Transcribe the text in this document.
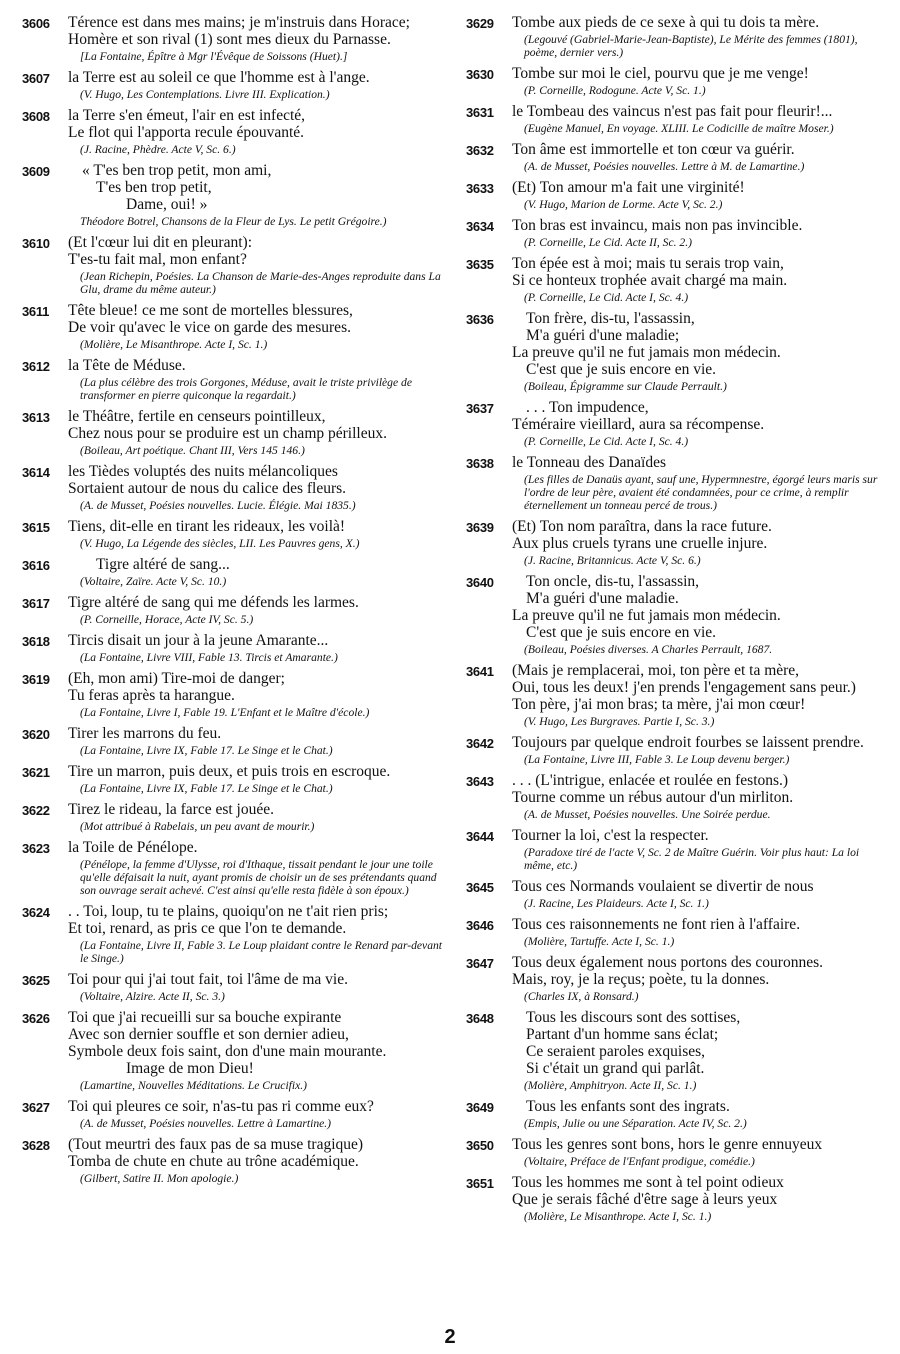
3606 Térence est dans mes mains; je m'instruis dans Horace;
Homère et son rival (1) sont mes dieux du Parnasse.
[La Fontaine, Épître à Mgr l'Évêque de Soissons (Huet).]
3607 la Terre est au soleil ce que l'homme est à l'ange.
(V. Hugo, Les Contemplations. Livre III. Explication.)
3608 la Terre s'en émeut, l'air en est infecté,
Le flot qui l'apporta recule épouvanté.
(J. Racine, Phèdre. Acte V, Sc. 6.)
3609	« T'es ben trop petit, mon ami,
T'es ben trop petit,
Dame, oui! »
Théodore Botrel, Chansons de la Fleur de Lys. Le petit Grégoire.)
3610 (Et l'cœur lui dit en pleurant):
T'es-tu fait mal, mon enfant?
(Jean Richepin, Poésies. La Chanson de Marie-des-Anges reproduite dans La Glu, drame du même auteur.)
3611 Tête bleue! ce me sont de mortelles blessures,
De voir qu'avec le vice on garde des mesures.
(Molière, Le Misanthrope. Acte I, Sc. 1.)
3612 la Tête de Méduse.
(La plus célèbre des trois Gorgones, Méduse, avait le triste privilège de transformer en pierre quiconque la regardait.)
3613 le Théâtre, fertile en censeurs pointilleux,
Chez nous pour se produire est un champ périlleux.
(Boileau, Art poétique. Chant III, Vers 145 146.)
3614 les Tièdes voluptés des nuits mélancoliques
Sortaient autour de nous du calice des fleurs.
(A. de Musset, Poésies nouvelles. Lucie. Élégie. Mai 1835.)
3615 Tiens, dit-elle en tirant les rideaux, les voilà!
(V. Hugo, La Légende des siècles, LII. Les Pauvres gens, X.)
3616	Tigre altéré de sang...
(Voltaire, Zaïre. Acte V, Sc. 10.)
3617 Tigre altéré de sang qui me défends les larmes.
(P. Corneille, Horace, Acte IV, Sc. 5.)
3618 Tircis disait un jour à la jeune Amarante...
(La Fontaine, Livre VIII, Fable 13. Tircis et Amarante.)
3619 (Eh, mon ami) Tire-moi de danger;
Tu feras après ta harangue.
(La Fontaine, Livre I, Fable 19. L'Enfant et le Maître d'école.)
3620 Tirer les marrons du feu.
(La Fontaine, Livre IX, Fable 17. Le Singe et le Chat.)
3621 Tire un marron, puis deux, et puis trois en escroque.
(La Fontaine, Livre IX, Fable 17. Le Singe et le Chat.)
3622 Tirez le rideau, la farce est jouée.
(Mot attribué à Rabelais, un peu avant de mourir.)
3623 la Toile de Pénélope.
(Pénélope, la femme d'Ulysse, roi d'Ithaque, tissait pendant le jour une toile qu'elle défaisait la nuit, ayant promis de choisir un de ses prétendants quand son ouvrage serait achevé. C'est ainsi qu'elle resta fidèle à son époux.)
3624 . . Toi, loup, tu te plains, quoiqu'on ne t'ait rien pris;
Et toi, renard, as pris ce que l'on te demande.
(La Fontaine, Livre II, Fable 3. Le Loup plaidant contre le Renard par-devant le Singe.)
3625 Toi pour qui j'ai tout fait, toi l'âme de ma vie.
(Voltaire, Alzire. Acte II, Sc. 3.)
3626 Toi que j'ai recueilli sur sa bouche expirante
Avec son dernier souffle et son dernier adieu,
Symbole deux fois saint, don d'une main mourante.
Image de mon Dieu!
(Lamartine, Nouvelles Méditations. Le Crucifix.)
3627 Toi qui pleures ce soir, n'as-tu pas ri comme eux?
(A. de Musset, Poésies nouvelles. Lettre à Lamartine.)
3628 (Tout meurtri des faux pas de sa muse tragique)
Tomba de chute en chute au trône académique.
(Gilbert, Satire II. Mon apologie.)
3629 Tombe aux pieds de ce sexe à qui tu dois ta mère.
(Legouvé (Gabriel-Marie-Jean-Baptiste), Le Mérite des femmes (1801), poème, dernier vers.)
3630 Tombe sur moi le ciel, pourvu que je me venge!
(P. Corneille, Rodogune. Acte V, Sc. 1.)
3631 le Tombeau des vaincus n'est pas fait pour fleurir!...
(Eugène Manuel, En voyage. XLIII. Le Codicille de maître Moser.)
3632 Ton âme est immortelle et ton cœur va guérir.
(A. de Musset, Poésies nouvelles. Lettre à M. de Lamartine.)
3633 (Et) Ton amour m'a fait une virginité!
(V. Hugo, Marion de Lorme. Acte V, Sc. 2.)
3634 Ton bras est invaincu, mais non pas invincible.
(P. Corneille, Le Cid. Acte II, Sc. 2.)
3635 Ton épée est à moi; mais tu serais trop vain,
Si ce honteux trophée avait chargé ma main.
(P. Corneille, Le Cid. Acte I, Sc. 4.)
3636	Ton frère, dis-tu, l'assassin,
M'a guéri d'une maladie;
La preuve qu'il ne fut jamais mon médecin.
C'est que je suis encore en vie.
(Boileau, Épigramme sur Claude Perrault.)
3637	. . . Ton impudence,
Téméraire vieillard, aura sa récompense.
(P. Corneille, Le Cid. Acte I, Sc. 4.)
3638 le Tonneau des Danaïdes
(Les filles de Danaüs ayant, sauf une, Hypermnestre, égorgé leurs maris sur l'ordre de leur père, avaient été condamnées, pour ce crime, à remplir éternellement un tonneau percé de trous.)
3639 (Et) Ton nom paraîtra, dans la race future.
Aux plus cruels tyrans une cruelle injure.
(J. Racine, Britannicus. Acte V, Sc. 6.)
3640	Ton oncle, dis-tu, l'assassin,
M'a guéri d'une maladie.
La preuve qu'il ne fut jamais mon médecin.
C'est que je suis encore en vie.
(Boileau, Poésies diverses. A Charles Perrault, 1687.
3641 (Mais je remplacerai, moi, ton père et ta mère,
Oui, tous les deux! j'en prends l'engagement sans peur.)
Ton père, j'ai mon bras; ta mère, j'ai mon cœur!
(V. Hugo, Les Burgraves. Partie I, Sc. 3.)
3642 Toujours par quelque endroit fourbes se laissent prendre.
(La Fontaine, Livre III, Fable 3. Le Loup devenu berger.)
3643 . . . (L'intrigue, enlacée et roulée en festons.)
Tourne comme un rébus autour d'un mirliton.
(A. de Musset, Poésies nouvelles. Une Soirée perdue.
3644 Tourner la loi, c'est la respecter.
(Paradoxe tiré de l'acte V, Sc. 2 de Maître Guérin. Voir plus haut: La loi même, etc.)
3645 Tous ces Normands voulaient se divertir de nous
(J. Racine, Les Plaideurs. Acte I, Sc. 1.)
3646 Tous ces raisonnements ne font rien à l'affaire.
(Molière, Tartuffe. Acte I, Sc. 1.)
3647 Tous deux également nous portons des couronnes.
Mais, roy, je la reçus; poète, tu la donnes.
(Charles IX, à Ronsard.)
3648	Tous les discours sont des sottises,
Partant d'un homme sans éclat;
Ce seraient paroles exquises,
Si c'était un grand qui parlât.
(Molière, Amphitryon. Acte II, Sc. 1.)
3649	Tous les enfants sont des ingrats.
(Empis, Julie ou une Séparation. Acte IV, Sc. 2.)
3650 Tous les genres sont bons, hors le genre ennuyeux
(Voltaire, Préface de l'Enfant prodigue, comédie.)
3651 Tous les hommes me sont à tel point odieux
Que je serais fâché d'être sage à leurs yeux
(Molière, Le Misanthrope. Acte I, Sc. 1.)
2
